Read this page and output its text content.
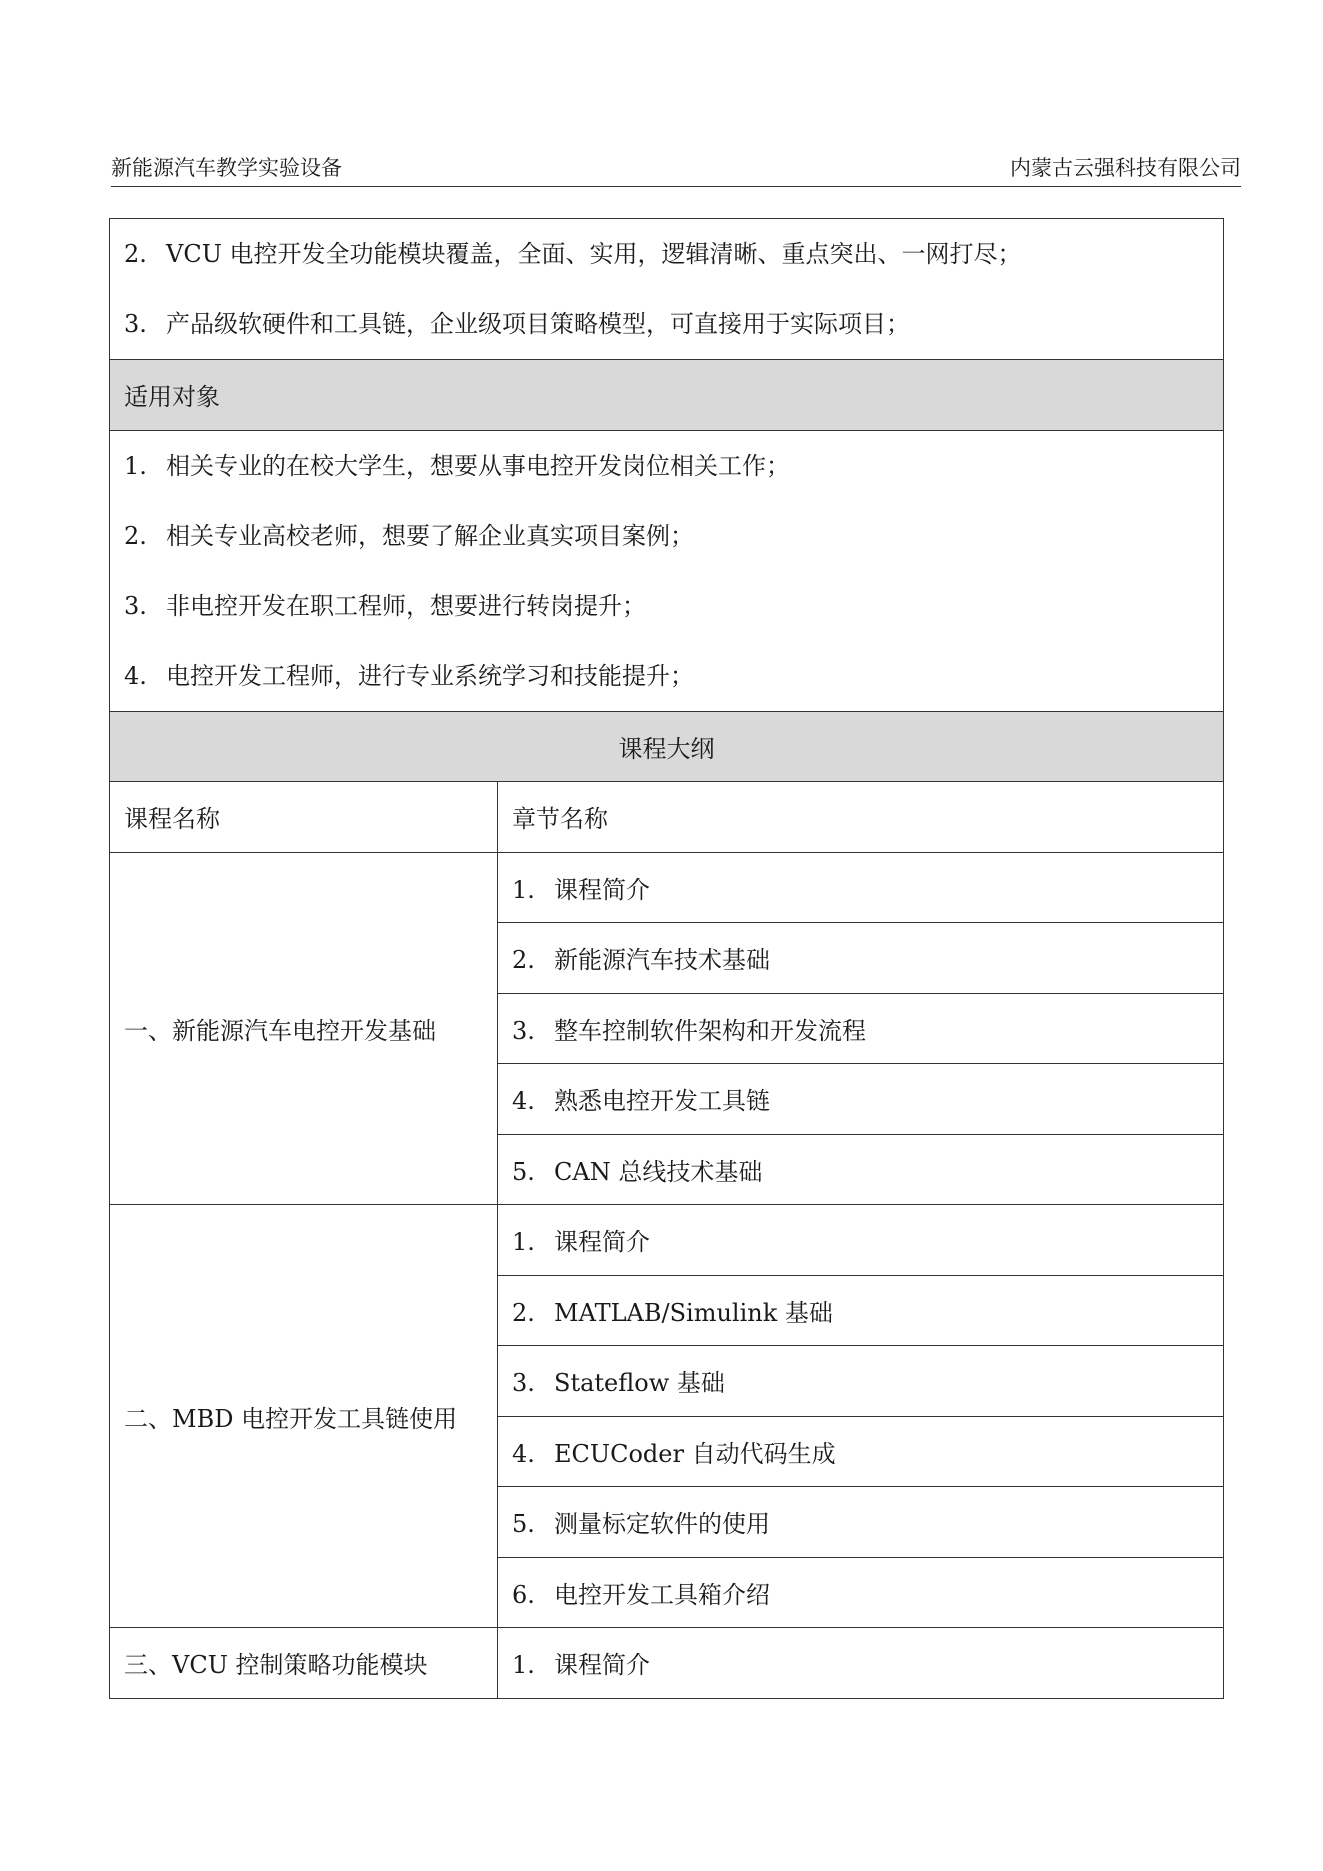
新能源汽车教学实验设备	内蒙古云强科技有限公司
2. VCU 电控开发全功能模块覆盖，全面、实用，逻辑清晰、重点突出、一网打尽；
3. 产品级软硬件和工具链，企业级项目策略模型，可直接用于实际项目；	

适用对象	

1. 相关专业的在校大学生，想要从事电控开发岗位相关工作；
2. 相关专业高校老师，想要了解企业真实项目案例；
3. 非电控开发在职工程师，想要进行转岗提升；
4. 电控开发工程师，进行专业系统学习和技能提升；	

课程大纲	
课程名称	章节名称
一、新能源汽车电控开发基础	1. 课程简介
	2. 新能源汽车技术基础
	3. 整车控制软件架构和开发流程
	4. 熟悉电控开发工具链
	5. CAN 总线技术基础
二、MBD 电控开发工具链使用	1. 课程简介
	2. MATLAB/Simulink 基础
	3. Stateflow 基础
	4. ECUCoder 自动代码生成
	5. 测量标定软件的使用
	6. 电控开发工具箱介绍
三、VCU 控制策略功能模块	1. 课程简介
